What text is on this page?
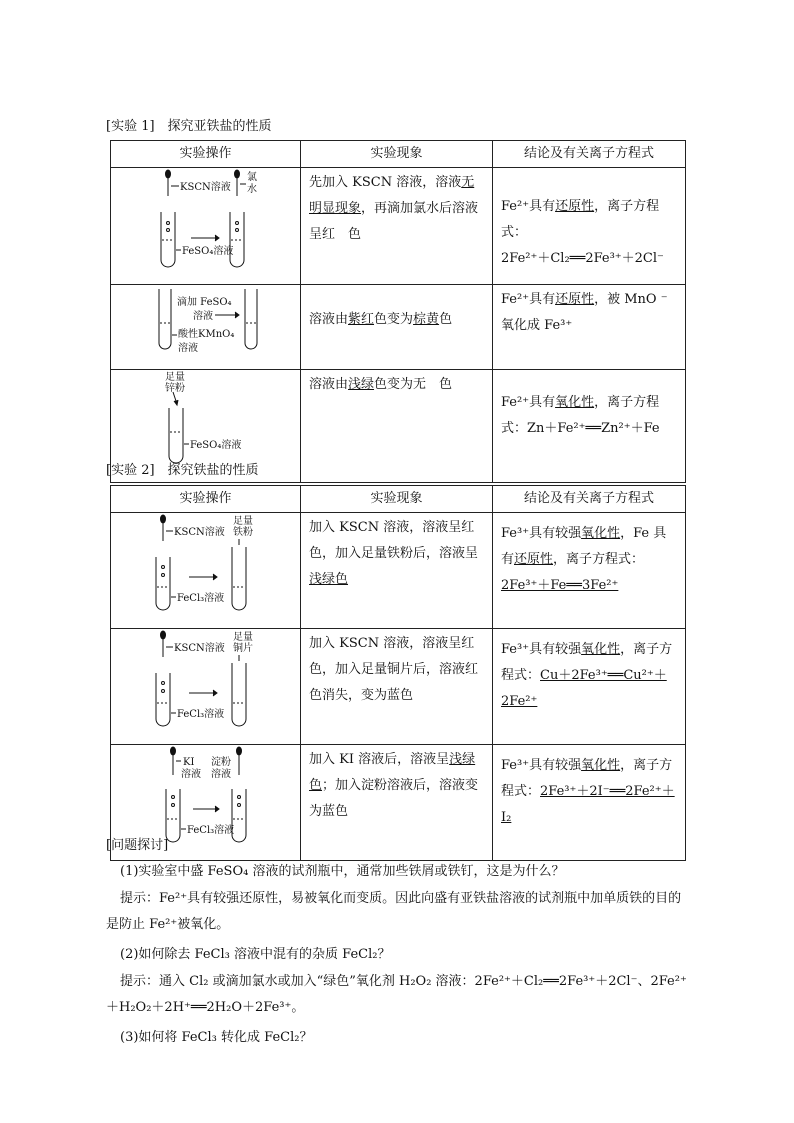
[实验 1]　探究亚铁盐的性质
实验操作	实验现象	结论及有关离子方程式

KSCN溶液
氯
水
FeSO₄溶液	先加入 KSCN 溶液，溶液无明显现象，再滴加氯水后溶液呈红　色	Fe²⁺具有还原性，离子方程式：
2Fe²⁺＋Cl₂══2Fe³⁺＋2Cl⁻

滴加 FeSO₄
溶液
酸性KMnO₄
溶液	溶液由紫红色变为棕黄色	Fe²⁺具有还原性，被 MnO ⁻氧化成 Fe³⁺

足量
锌粉
FeSO₄溶液	溶液由浅绿色变为无　色	Fe²⁺具有氧化性，离子方程式：Zn＋Fe²⁺══Zn²⁺＋Fe
[实验 2]　探究铁盐的性质
实验操作	实验现象	结论及有关离子方程式

KSCN溶液
足量
铁粉
FeCl₃溶液	加入 KSCN 溶液，溶液呈红色，加入足量铁粉后，溶液呈浅绿色	Fe³⁺具有较强氧化性，Fe 具有还原性，离子方程式：2Fe³⁺＋Fe══3Fe²⁺

KSCN溶液
足量
铜片
FeCl₃溶液	加入 KSCN 溶液，溶液呈红色，加入足量铜片后，溶液红色消失，变为蓝色	Fe³⁺具有较强氧化性，离子方程式：Cu＋2Fe³⁺══Cu²⁺＋2Fe²⁺

KI
溶液
淀粉
溶液
FeCl₃溶液	加入 KI 溶液后，溶液呈浅绿色；加入淀粉溶液后，溶液变为蓝色	Fe³⁺具有较强氧化性，离子方程式：2Fe³⁺＋2I⁻══2Fe²⁺＋I₂
[问题探讨]
(1)实验室中盛 FeSO₄ 溶液的试剂瓶中，通常加些铁屑或铁钉，这是为什么？
提示：Fe²⁺具有较强还原性，易被氧化而变质。因此向盛有亚铁盐溶液的试剂瓶中加单质铁的目的是防止 Fe²⁺被氧化。
(2)如何除去 FeCl₃ 溶液中混有的杂质 FeCl₂？
提示：通入 Cl₂ 或滴加氯水或加入“绿色”氧化剂 H₂O₂ 溶液：2Fe²⁺＋Cl₂══2Fe³⁺＋2Cl⁻、2Fe²⁺＋H₂O₂＋2H⁺══2H₂O＋2Fe³⁺。
(3)如何将 FeCl₃ 转化成 FeCl₂？
